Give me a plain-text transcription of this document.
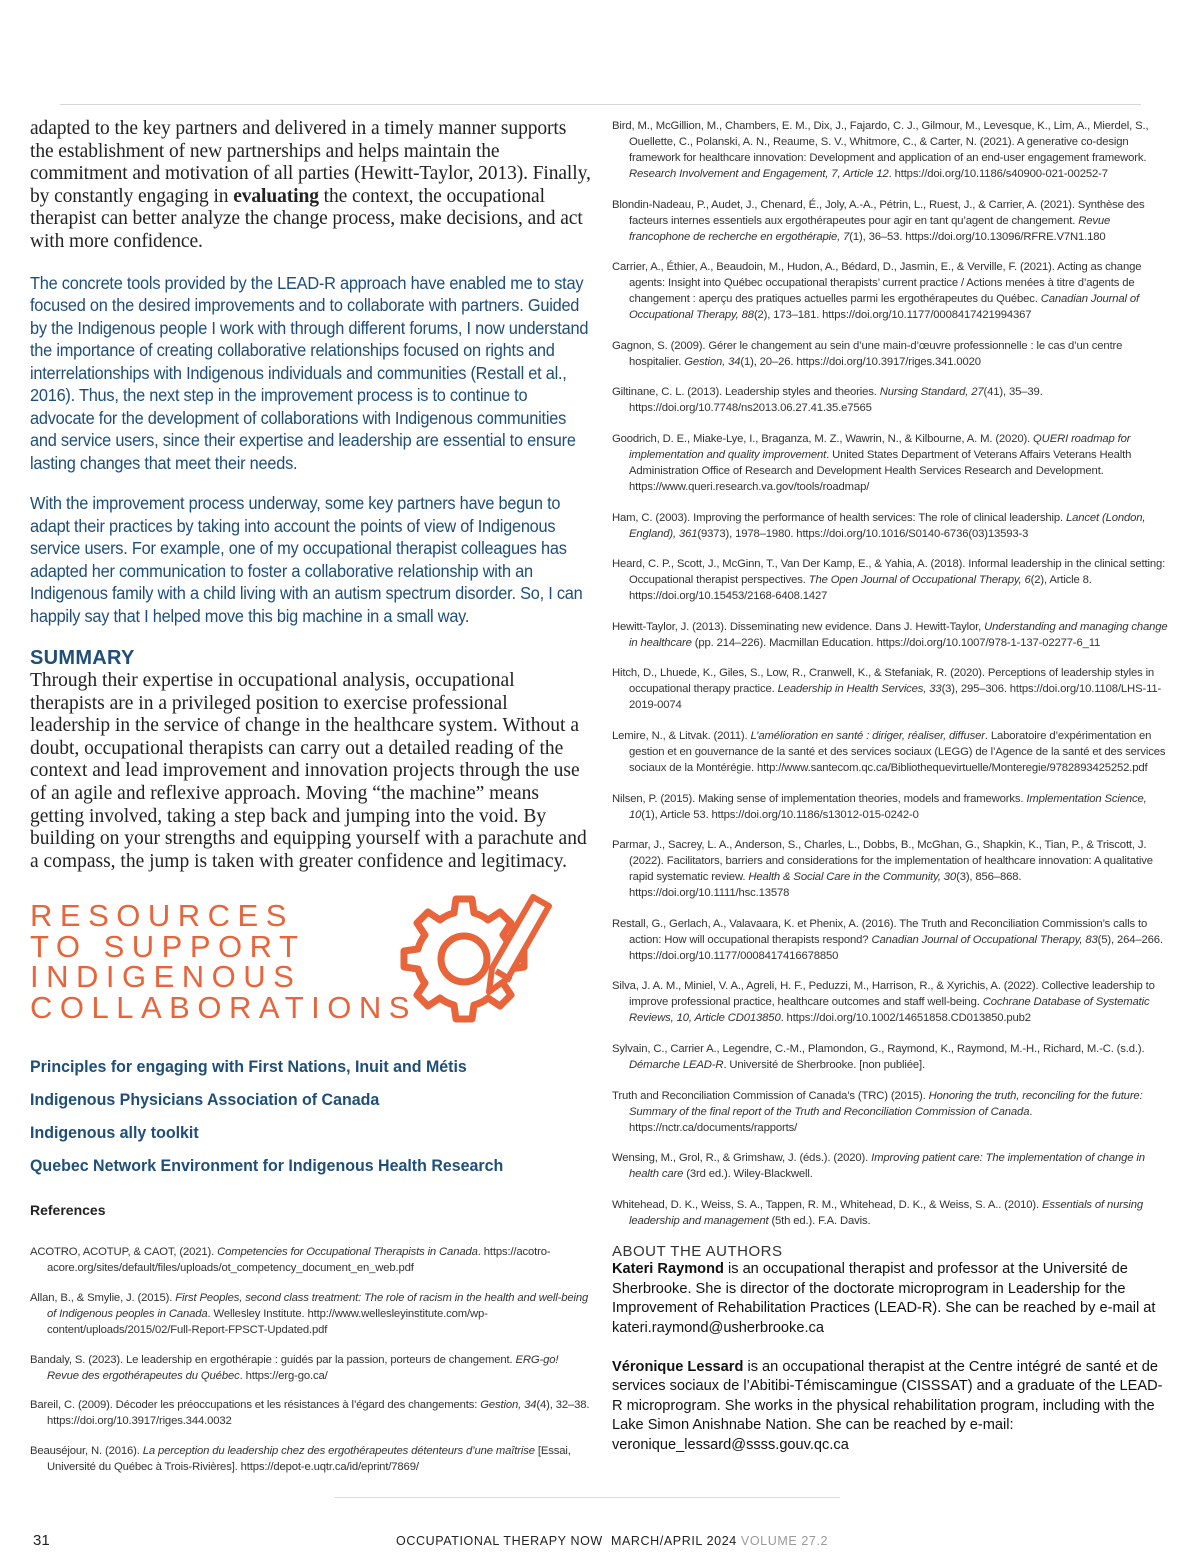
adapted to the key partners and delivered in a timely manner supports the establishment of new partnerships and helps maintain the commitment and motivation of all parties (Hewitt-Taylor, 2013). Finally, by constantly engaging in evaluating the context, the occupational therapist can better analyze the change process, make decisions, and act with more confidence.

The concrete tools provided by the LEAD-R approach have enabled me to stay focused on the desired improvements and to collaborate with partners. Guided by the Indigenous people I work with through different forums, I now understand the importance of creating collaborative relationships focused on rights and interrelationships with Indigenous individuals and communities (Restall et al., 2016). Thus, the next step in the improvement process is to continue to advocate for the development of collaborations with Indigenous communities and service users, since their expertise and leadership are essential to ensure lasting changes that meet their needs.

With the improvement process underway, some key partners have begun to adapt their practices by taking into account the points of view of Indigenous service users. For example, one of my occupational therapist colleagues has adapted her communication to foster a collaborative relationship with an Indigenous family with a child living with an autism spectrum disorder. So, I can happily say that I helped move this big machine in a small way.

SUMMARY

Through their expertise in occupational analysis, occupational therapists are in a privileged position to exercise professional leadership in the service of change in the healthcare system. Without a doubt, occupational therapists can carry out a detailed reading of the context and lead improvement and innovation projects through the use of an agile and reflexive approach. Moving “the machine” means getting involved, taking a step back and jumping into the void. By building on your strengths and equipping yourself with a parachute and a compass, the jump is taken with greater confidence and legitimacy.

RESOURCES
TO SUPPORT
INDIGENOUS
COLLABORATIONS
Principles for engaging with First Nations, Inuit and Métis
Indigenous Physicians Association of Canada
Indigenous ally toolkit
Quebec Network Environment for Indigenous Health Research
References

ACOTRO, ACOTUP, & CAOT, (2021). Competencies for Occupational Therapists in Canada. https://acotro-acore.org/sites/default/files/uploads/ot_competency_document_en_web.pdf

Allan, B., & Smylie, J. (2015). First Peoples, second class treatment: The role of racism in the health and well-being of Indigenous peoples in Canada. Wellesley Institute. http://www.wellesleyinstitute.com/wp-content/uploads/2015/02/Full-Report-FPSCT-Updated.pdf

Bandaly, S. (2023). Le leadership en ergothérapie : guidés par la passion, porteurs de changement. ERG-go! Revue des ergothérapeutes du Québec. https://erg-go.ca/

Bareil, C. (2009). Décoder les préoccupations et les résistances à l’égard des changements: Gestion, 34(4), 32–38. https://doi.org/10.3917/riges.344.0032

Beauséjour, N. (2016). La perception du leadership chez des ergothérapeutes détenteurs d’une maîtrise [Essai, Université du Québec à Trois-Rivières]. https://depot-e.uqtr.ca/id/eprint/7869/

Bird, M., McGillion, M., Chambers, E. M., Dix, J., Fajardo, C. J., Gilmour, M., Levesque, K., Lim, A., Mierdel, S., Ouellette, C., Polanski, A. N., Reaume, S. V., Whitmore, C., & Carter, N. (2021). A generative co-design framework for healthcare innovation: Development and application of an end-user engagement framework. Research Involvement and Engagement, 7, Article 12. https://doi.org/10.1186/s40900-021-00252-7

Blondin-Nadeau, P., Audet, J., Chenard, É., Joly, A.-A., Pétrin, L., Ruest, J., & Carrier, A. (2021). Synthèse des facteurs internes essentiels aux ergothérapeutes pour agir en tant qu’agent de changement. Revue francophone de recherche en ergothérapie, 7(1), 36–53. https://doi.org/10.13096/RFRE.V7N1.180

Carrier, A., Éthier, A., Beaudoin, M., Hudon, A., Bédard, D., Jasmin, E., & Verville, F. (2021). Acting as change agents: Insight into Québec occupational therapists’ current practice / Actions menées à titre d’agents de changement : aperçu des pratiques actuelles parmi les ergothérapeutes du Québec. Canadian Journal of Occupational Therapy, 88(2), 173–181. https://doi.org/10.1177/0008417421994367

Gagnon, S. (2009). Gérer le changement au sein d’une main-d’œuvre professionnelle : le cas d’un centre hospitalier. Gestion, 34(1), 20–26. https://doi.org/10.3917/riges.341.0020

Giltinane, C. L. (2013). Leadership styles and theories. Nursing Standard, 27(41), 35–39. https://doi.org/10.7748/ns2013.06.27.41.35.e7565

Goodrich, D. E., Miake-Lye, I., Braganza, M. Z., Wawrin, N., & Kilbourne, A. M. (2020). QUERI roadmap for implementation and quality improvement. United States Department of Veterans Affairs Veterans Health Administration Office of Research and Development Health Services Research and Development. https://www.queri.research.va.gov/tools/roadmap/

Ham, C. (2003). Improving the performance of health services: The role of clinical leadership. Lancet (London, England), 361(9373), 1978–1980. https://doi.org/10.1016/S0140-6736(03)13593-3

Heard, C. P., Scott, J., McGinn, T., Van Der Kamp, E., & Yahia, A. (2018). Informal leadership in the clinical setting: Occupational therapist perspectives. The Open Journal of Occupational Therapy, 6(2), Article 8. https://doi.org/10.15453/2168-6408.1427

Hewitt-Taylor, J. (2013). Disseminating new evidence. Dans J. Hewitt-Taylor, Understanding and managing change in healthcare (pp. 214–226). Macmillan Education. https://doi.org/10.1007/978-1-137-02277-6_11

Hitch, D., Lhuede, K., Giles, S., Low, R., Cranwell, K., & Stefaniak, R. (2020). Perceptions of leadership styles in occupational therapy practice. Leadership in Health Services, 33(3), 295–306. https://doi.org/10.1108/LHS-11-2019-0074

Lemire, N., & Litvak. (2011). L’amélioration en santé : diriger, réaliser, diffuser. Laboratoire d’expérimentation en gestion et en gouvernance de la santé et des services sociaux (LEGG) de l’Agence de la santé et des services sociaux de la Montérégie. http://www.santecom.qc.ca/Bibliothequevirtuelle/Monteregie/9782893425252.pdf

Nilsen, P. (2015). Making sense of implementation theories, models and frameworks. Implementation Science, 10(1), Article 53. https://doi.org/10.1186/s13012-015-0242-0

Parmar, J., Sacrey, L. A., Anderson, S., Charles, L., Dobbs, B., McGhan, G., Shapkin, K., Tian, P., & Triscott, J. (2022). Facilitators, barriers and considerations for the implementation of healthcare innovation: A qualitative rapid systematic review. Health & Social Care in the Community, 30(3), 856–868. https://doi.org/10.1111/hsc.13578

Restall, G., Gerlach, A., Valavaara, K. et Phenix, A. (2016). The Truth and Reconciliation Commission’s calls to action: How will occupational therapists respond? Canadian Journal of Occupational Therapy, 83(5), 264–266. https://doi.org/10.1177/0008417416678850

Silva, J. A. M., Miniel, V. A., Agreli, H. F., Peduzzi, M., Harrison, R., & Xyrichis, A. (2022). Collective leadership to improve professional practice, healthcare outcomes and staff well-being. Cochrane Database of Systematic Reviews, 10, Article CD013850. https://doi.org/10.1002/14651858.CD013850.pub2

Sylvain, C., Carrier A., Legendre, C.-M., Plamondon, G., Raymond, K., Raymond, M.-H., Richard, M.-C. (s.d.). Démarche LEAD-R. Université de Sherbrooke. [non publiée].

Truth and Reconciliation Commission of Canada’s (TRC) (2015). Honoring the truth, reconciling for the future: Summary of the final report of the Truth and Reconciliation Commission of Canada. https://nctr.ca/documents/rapports/

Wensing, M., Grol, R., & Grimshaw, J. (éds.). (2020). Improving patient care: The implementation of change in health care (3rd ed.). Wiley-Blackwell.

Whitehead, D. K., Weiss, S. A., Tappen, R. M., Whitehead, D. K., & Weiss, S. A.. (2010). Essentials of nursing leadership and management (5th ed.). F.A. Davis.

ABOUT THE AUTHORS

Kateri Raymond is an occupational therapist and professor at the Université de Sherbrooke. She is director of the doctorate microprogram in Leadership for the Improvement of Rehabilitation Practices (LEAD-R). She can be reached by e-mail at kateri.raymond@usherbrooke.ca

Véronique Lessard is an occupational therapist at the Centre intégré de santé et de services sociaux de l’Abitibi-Témiscamingue (CISSSAT) and a graduate of the LEAD-R microprogram. She works in the physical rehabilitation program, including with the Lake Simon Anishnabe Nation. She can be reached by e-mail: veronique_lessard@ssss.gouv.qc.ca

31	OCCUPATIONAL THERAPY NOW MARCH/APRIL 2024 VOLUME 27.2
